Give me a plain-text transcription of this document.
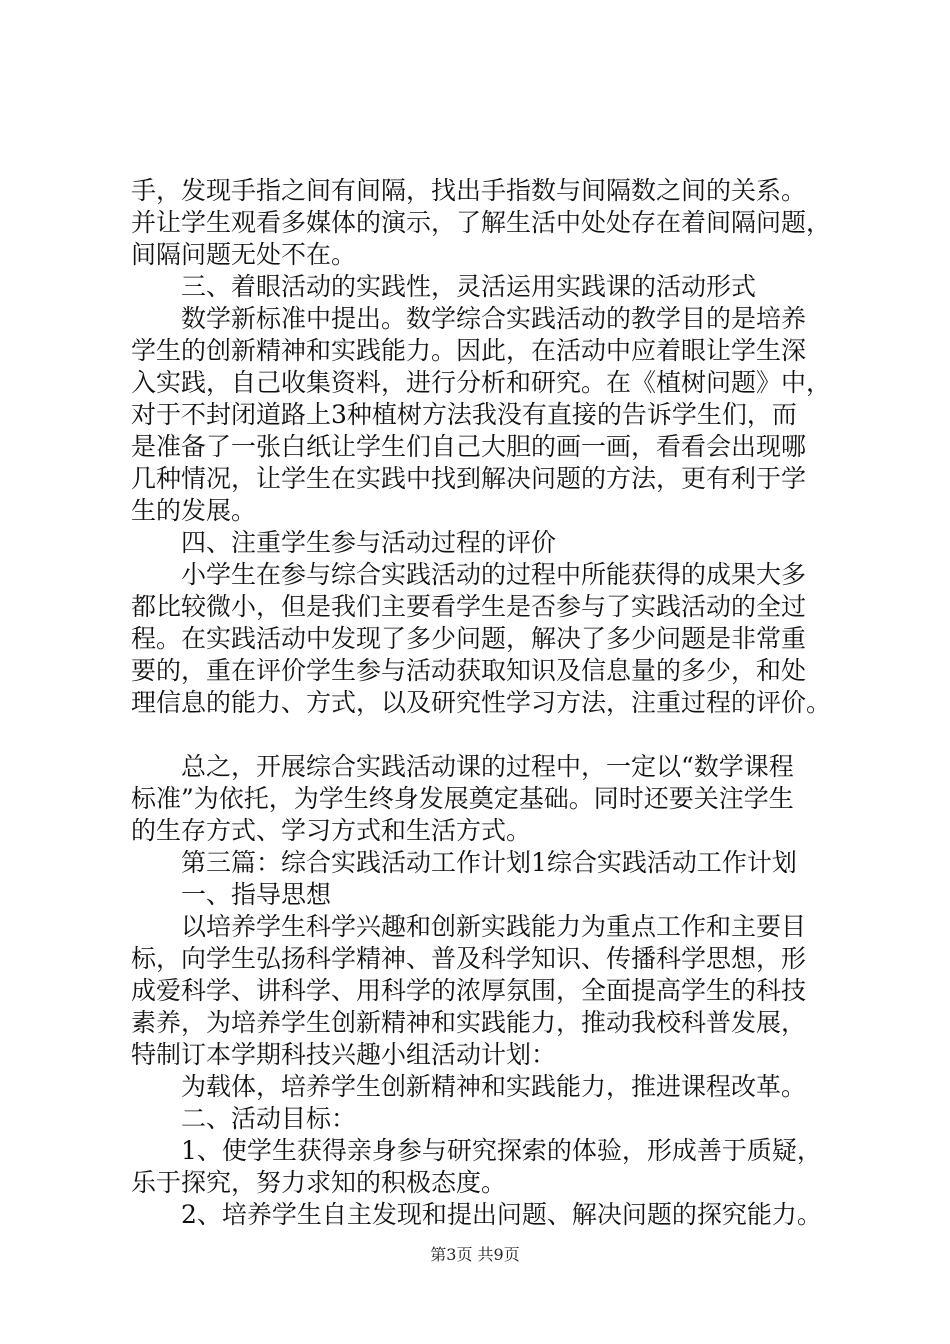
手，发现手指之间有间隔，找出手指数与间隔数之间的关系。
并让学生观看多媒体的演示，了解生活中处处存在着间隔问题，
间隔问题无处不在。
三、着眼活动的实践性，灵活运用实践课的活动形式
数学新标准中提出。数学综合实践活动的教学目的是培养
学生的创新精神和实践能力。因此，在活动中应着眼让学生深
入实践，自己收集资料，进行分析和研究。在《植树问题》中，
对于不封闭道路上3种植树方法我没有直接的告诉学生们，而
是准备了一张白纸让学生们自己大胆的画一画，看看会出现哪
几种情况，让学生在实践中找到解决问题的方法，更有利于学
生的发展。
四、注重学生参与活动过程的评价
小学生在参与综合实践活动的过程中所能获得的成果大多
都比较微小，但是我们主要看学生是否参与了实践活动的全过
程。在实践活动中发现了多少问题，解决了多少问题是非常重
要的，重在评价学生参与活动获取知识及信息量的多少，和处
理信息的能力、方式，以及研究性学习方法，注重过程的评价。
总之，开展综合实践活动课的过程中，一定以“数学课程
标准”为依托，为学生终身发展奠定基础。同时还要关注学生
的生存方式、学习方式和生活方式。
第三篇：综合实践活动工作计划1综合实践活动工作计划
一、指导思想
以培养学生科学兴趣和创新实践能力为重点工作和主要目
标，向学生弘扬科学精神、普及科学知识、传播科学思想，形
成爱科学、讲科学、用科学的浓厚氛围，全面提高学生的科技
素养，为培养学生创新精神和实践能力，推动我校科普发展，
特制订本学期科技兴趣小组活动计划：
为载体，培养学生创新精神和实践能力，推进课程改革。
二、活动目标：
1、使学生获得亲身参与研究探索的体验，形成善于质疑，
乐于探究，努力求知的积极态度。
2、培养学生自主发现和提出问题、解决问题的探究能力。
第3页 共9页
